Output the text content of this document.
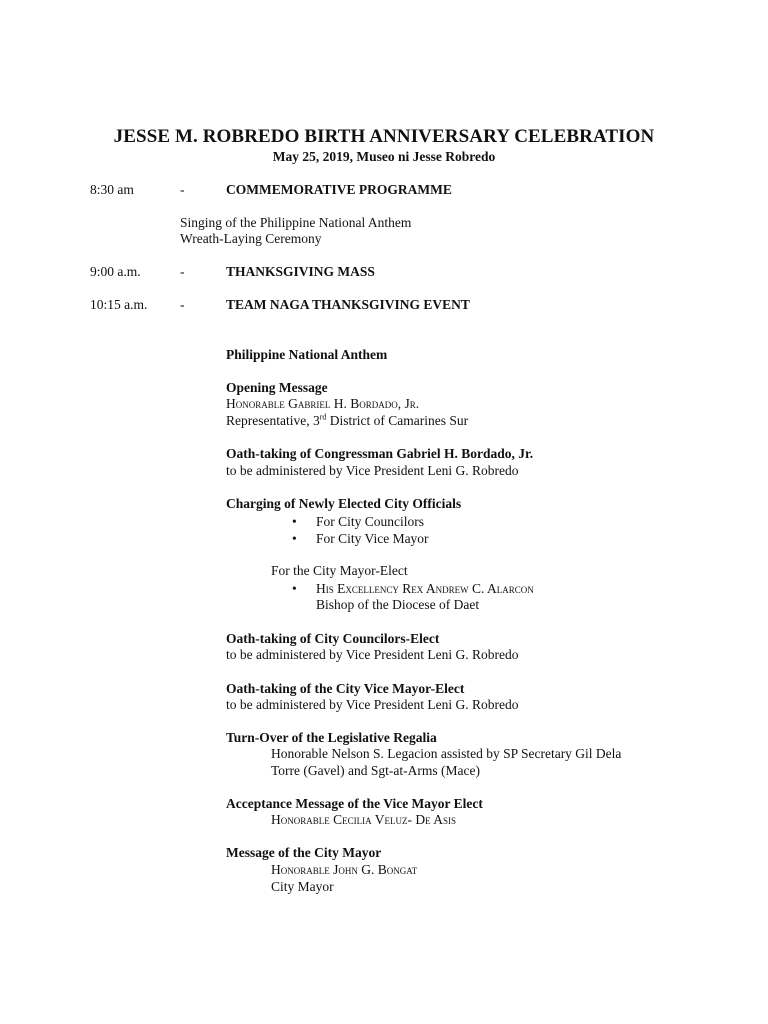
JESSE M. ROBREDO BIRTH ANNIVERSARY CELEBRATION
May 25, 2019, Museo ni Jesse Robredo
8:30 am	-	COMMEMORATIVE PROGRAMME
Singing of the Philippine National Anthem
Wreath-Laying Ceremony
9:00 a.m.	-	THANKSGIVING MASS
10:15 a.m. -	TEAM NAGA THANKSGIVING EVENT
Philippine National Anthem
Opening Message
Honorable Gabriel H. Bordado, Jr.
Representative, 3rd District of Camarines Sur
Oath-taking of Congressman Gabriel H. Bordado, Jr.
to be administered by Vice President Leni G. Robredo
Charging of Newly Elected City Officials
• For City Councilors
• For City Vice Mayor
For the City Mayor-Elect
• His Excellency Rex Andrew C. Alarcon
Bishop of the Diocese of Daet
Oath-taking of City Councilors-Elect
to be administered by Vice President Leni G. Robredo
Oath-taking of the City Vice Mayor-Elect
to be administered by Vice President Leni G. Robredo
Turn-Over of the Legislative Regalia
Honorable Nelson S. Legacion assisted by SP Secretary Gil Dela
Torre (Gavel) and Sgt-at-Arms (Mace)
Acceptance Message of the Vice Mayor Elect
Honorable Cecilia Veluz- De Asis
Message of the City Mayor
Honorable John G. Bongat
City Mayor
